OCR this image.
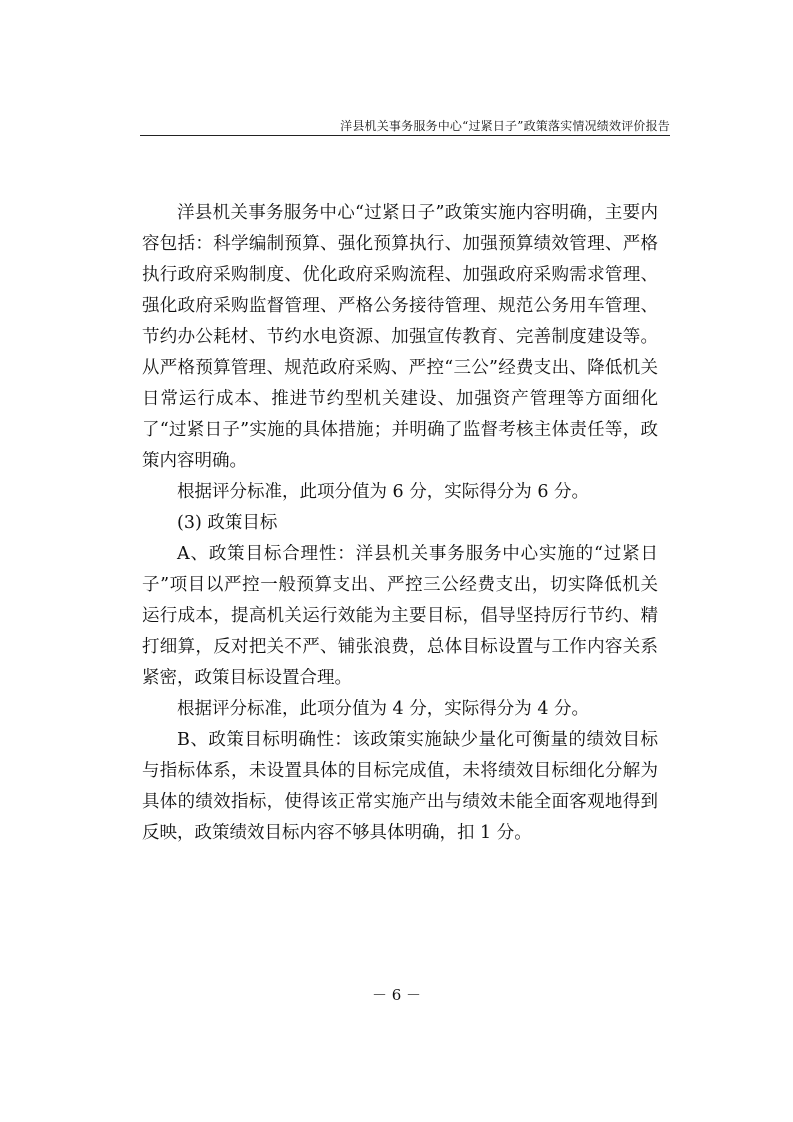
洋县机关事务服务中心“过紧日子”政策落实情况绩效评价报告

洋县机关事务服务中心“过紧日子”政策实施内容明确，主要内容包括：科学编制预算、强化预算执行、加强预算绩效管理、严格执行政府采购制度、优化政府采购流程、加强政府采购需求管理、强化政府采购监督管理、严格公务接待管理、规范公务用车管理、节约办公耗材、节约水电资源、加强宣传教育、完善制度建设等。从严格预算管理、规范政府采购、严控“三公”经费支出、降低机关日常运行成本、推进节约型机关建设、加强资产管理等方面细化了“过紧日子”实施的具体措施；并明确了监督考核主体责任等，政策内容明确。

根据评分标准，此项分值为 6 分，实际得分为 6 分。

(3) 政策目标

A、政策目标合理性：洋县机关事务服务中心实施的“过紧日子”项目以严控一般预算支出、严控三公经费支出，切实降低机关运行成本，提高机关运行效能为主要目标，倡导坚持厉行节约、精打细算，反对把关不严、铺张浪费，总体目标设置与工作内容关系紧密，政策目标设置合理。

根据评分标准，此项分值为 4 分，实际得分为 4 分。

B、政策目标明确性：该政策实施缺少量化可衡量的绩效目标与指标体系，未设置具体的目标完成值，未将绩效目标细化分解为具体的绩效指标，使得该正常实施产出与绩效未能全面客观地得到反映，政策绩效目标内容不够具体明确，扣 1 分。

－ 6 －
